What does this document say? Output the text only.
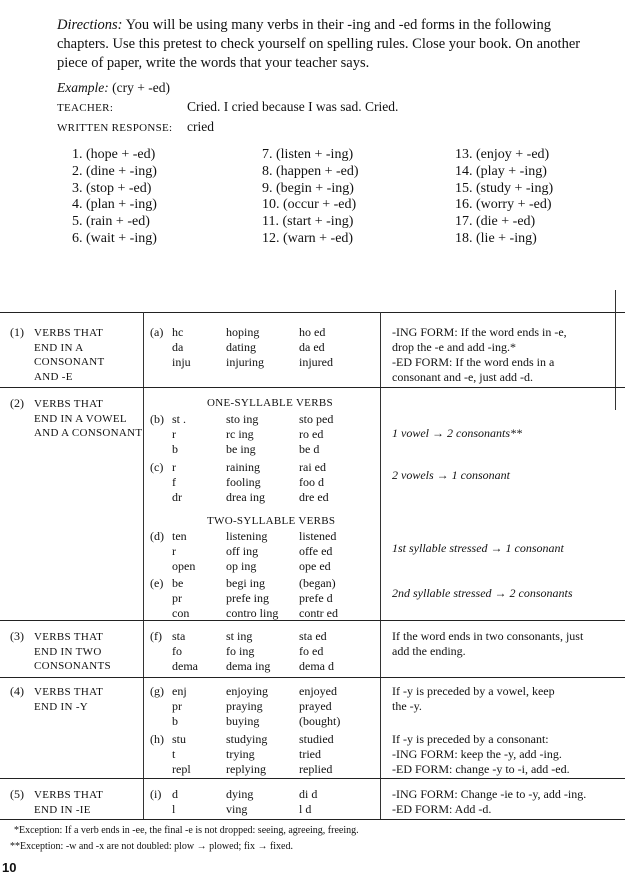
Directions: You will be using many verbs in their -ing and -ed forms in the following chapters. Use this pretest to check yourself on spelling rules. Close your book. On another piece of paper, write the words that your teacher says.
Example: (cry + -ed)
TEACHER:	Cried. I cried because I was sad. Cried.
WRITTEN RESPONSE: cried
1. (hope + -ed)
2. (dine + -ing)
3. (stop + -ed)
4. (plan + -ing)
5. (rain + -ed)
6. (wait + -ing)
7. (listen + -ing)
8. (happen + -ed)
9. (begin + -ing)
10. (occur + -ed)
11. (start + -ing)
12. (warn + -ed)
13. (enjoy + -ed)
14. (play + -ing)
15. (study + -ing)
16. (worry + -ed)
17. (die + -ed)
18. (lie + -ing)
(1) VERBS THAT
END IN A
CONSONANT
AND -E
(a) hc
da
inju
hoping
dating
injuring
ho ed
da ed
injured
-ING FORM: If the word ends in -e,
drop the -e and add -ing.*
-ED FORM: If the word ends in a
consonant and -e, just add -d.
(2) VERBS THAT
END IN A VOWEL
AND A CONSONANT
ONE-SYLLABLE VERBS
(b) st .
r
b
sto ing
rc ing
be ing
sto ped
ro ed
be d
1 vowel → 2 consonants**
(c) r
f
dr
raining
fooling
drea ing
rai ed
foo d
dre ed
2 vowels → 1 consonant
TWO-SYLLABLE VERBS
(d) ten
r
open
listening
off ing
op ing
listened
offe ed
ope ed
1st syllable stressed → 1 consonant
(e) be
pr
con
begi ing
prefe ing
contro ling
(began)
prefe d
contr ed
2nd syllable stressed → 2 consonants
(3) VERBS THAT
END IN TWO
CONSONANTS
(f) sta
fo
dema
st ing
fo ing
dema ing
sta ed
fo ed
dema d
If the word ends in two consonants, just
add the ending.
(4) VERBS THAT
END IN -Y
(g) enj
pr
b
enjoying
praying
buying
enjoyed
prayed
(bought)
If -y is preceded by a vowel, keep
the -y.
(h) stu
t
repl
studying
trying
replying
studied
tried
replied
If -y is preceded by a consonant:
-ING FORM: keep the -y, add -ing.
-ED FORM: change -y to -i, add -ed.
(5) VERBS THAT
END IN -IE
(i) d
l
dying
ving
di d
l d
-ING FORM: Change -ie to -y, add -ing.
-ED FORM: Add -d.
*Exception: If a verb ends in -ee, the final -e is not dropped: seeing, agreeing, freeing.
**Exception: -w and -x are not doubled: plow → plowed; fix → fixed.
10
